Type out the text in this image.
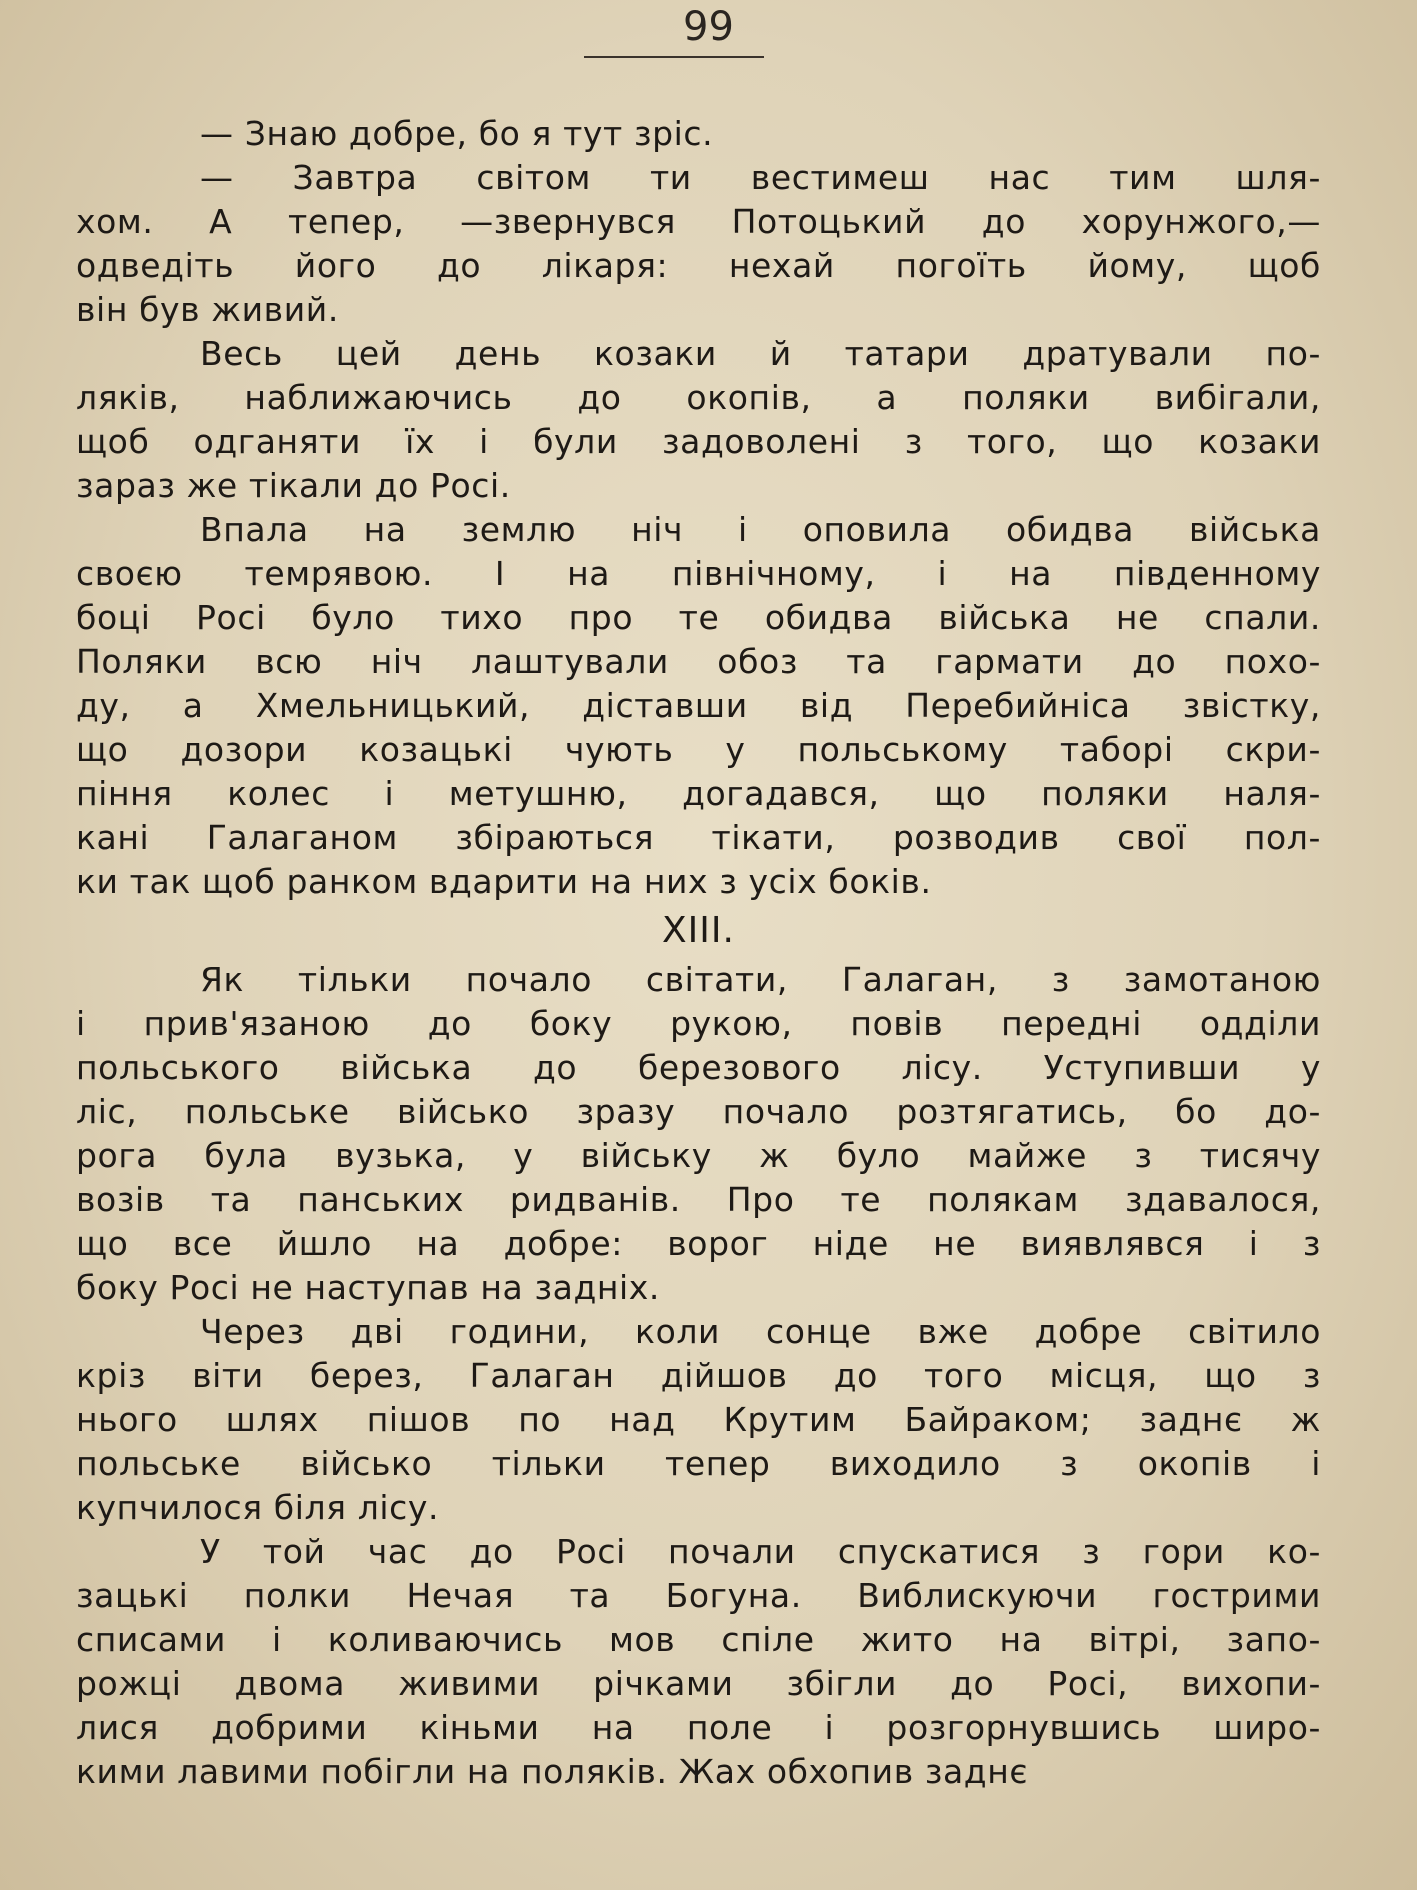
99
— Знаю добре, бо я тут зріс.
— Завтра світом ти вестимеш нас тим шля-
хом. А тепер, —звернувся Потоцький до хорунжого,—
одведіть його до лікаря: нехай погоїть йому, щоб
він був живий.
Весь цей день козаки й татари дратували по-
ляків, наближаючись до окопів, а поляки вибігали,
щоб одганяти їх і були задоволені з того, що козаки
зараз же тікали до Росі.
Впала на землю ніч і оповила обидва війська
своєю темрявою. І на північному, і на південному
боці Росі було тихо про те обидва війська не спали.
Поляки всю ніч лаштували обоз та гармати до похо-
ду, а Хмельницький, діставши від Перебийніса звістку,
що дозори козацькі чують у польському таборі скри-
піння колес і метушню, догадався, що поляки наля-
кані Галаганом збіраються тікати, розводив свої пол-
ки так щоб ранком вдарити на них з усіх боків.
XIII.
Як тільки почало світати, Галаган, з замотаною
і прив'язаною до боку рукою, повів передні одділи
польського війська до березового лісу. Уступивши у
ліс, польське військо зразу почало розтягатись, бо до-
рога була вузька, у війську ж було майже з тисячу
возів та панських ридванів. Про те полякам здавалося,
що все йшло на добре: ворог ніде не виявлявся і з
боку Росі не наступав на задніх.
Через дві години, коли сонце вже добре світило
кріз віти берез, Галаган дійшов до того місця, що з
нього шлях пішов по над Крутим Байраком; заднє ж
польське військо тільки тепер виходило з окопів і
купчилося біля лісу.
У той час до Росі почали спускатися з гори ко-
зацькі полки Нечая та Богуна. Виблискуючи гострими
списами і коливаючись мов спіле жито на вітрі, запо-
рожці двома живими річками збігли до Росі, вихопи-
лися добрими кіньми на поле і розгорнувшись широ-
кими лавими побігли на поляків. Жах обхопив заднє
